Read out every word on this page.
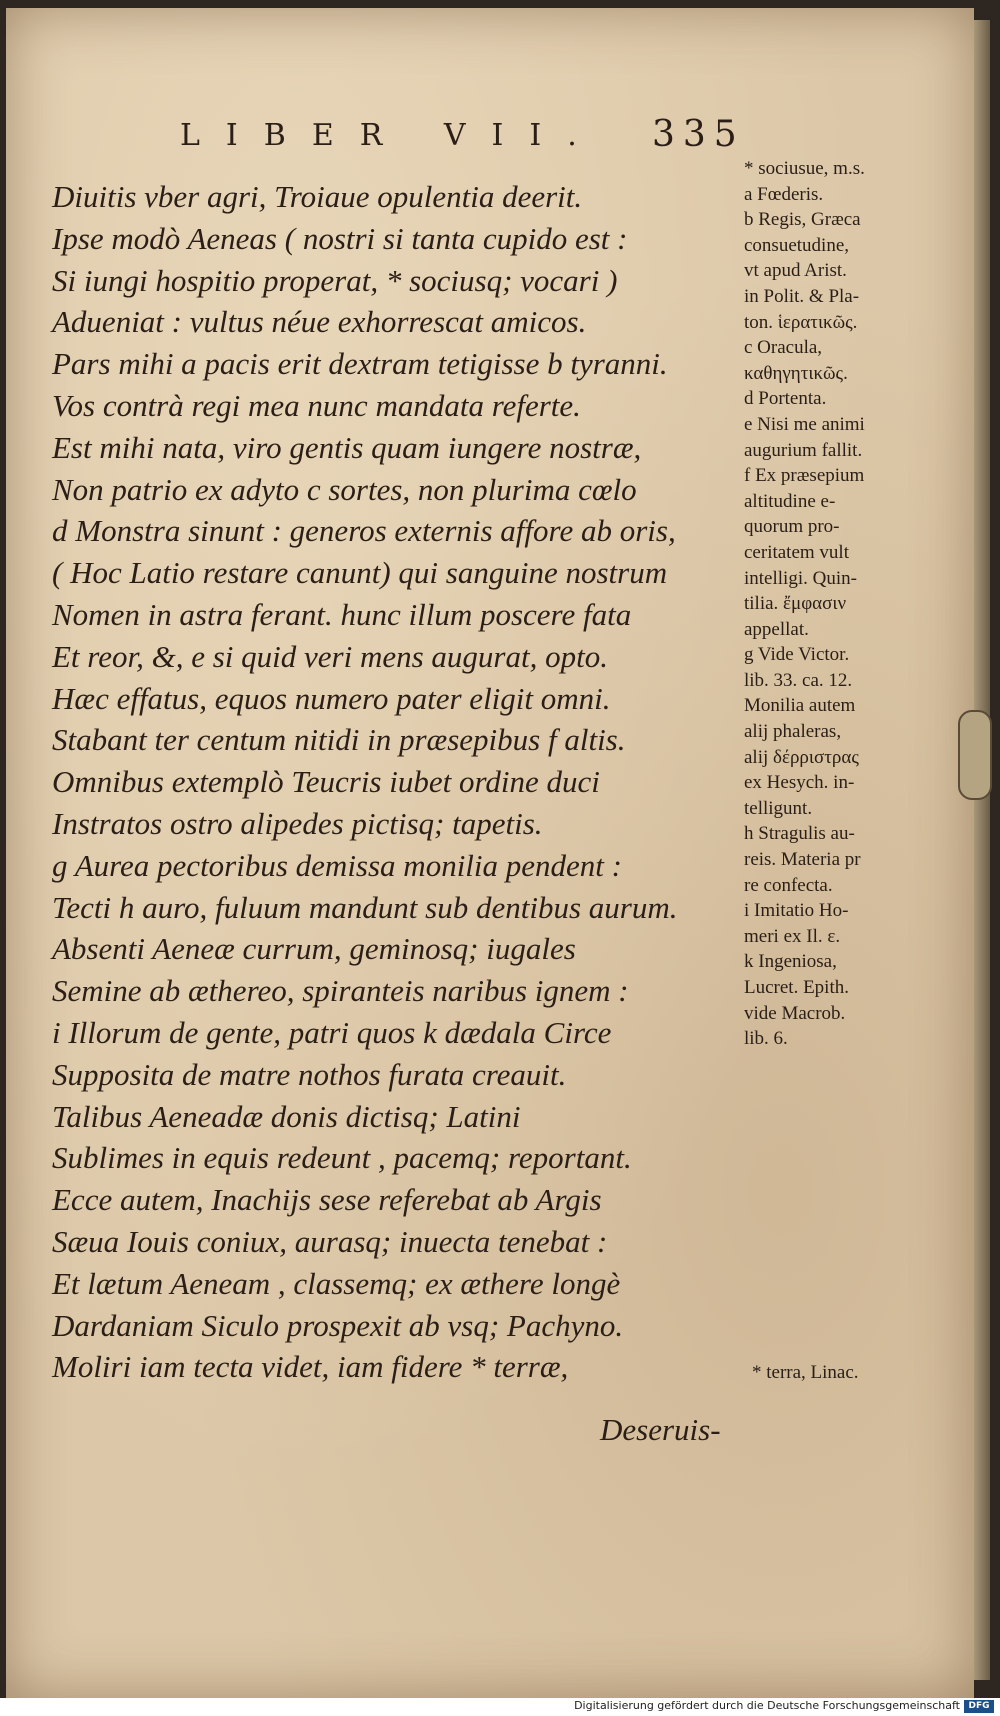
LIBER VII. 335
Diuitis vber agri, Troiaue opulentia deerit.
Ipse modò Aeneas ( nostri si tanta cupido est :
Si iungi hospitio properat, * sociusq; vocari )
Adueniat : vultus néue exhorrescat amicos.
Pars mihi a pacis erit dextram tetigisse b tyranni.
Vos contrà regi mea nunc mandata referte.
Est mihi nata, viro gentis quam iungere nostræ,
Non patrio ex adyto c sortes, non plurima cœlo
d Monstra sinunt : generos externis affore ab oris,
( Hoc Latio restare canunt) qui sanguine nostrum
Nomen in astra ferant. hunc illum poscere fata
Et reor, &, e si quid veri mens augurat, opto.
Hæc effatus, equos numero pater eligit omni.
Stabant ter centum nitidi in præsepibus f altis.
Omnibus extemplò Teucris iubet ordine duci
Instratos ostro alipedes pictisq; tapetis.
g Aurea pectoribus demissa monilia pendent :
Tecti h auro, fuluum mandunt sub dentibus aurum.
Absenti Aeneæ currum, geminosq; iugales
Semine ab æthereo, spiranteis naribus ignem :
i Illorum de gente, patri quos k dædala Circe
Supposita de matre nothos furata creauit.
Talibus Aeneadæ donis dictisq; Latini
Sublimes in equis redeunt , pacemq; reportant.
Ecce autem, Inachijs sese referebat ab Argis
Sæua Iouis coniux, aurasq; inuecta tenebat :
Et lætum Aeneam , classemq; ex æthere longè
Dardaniam Siculo prospexit ab vsq; Pachyno.
Moliri iam tecta videt, iam fidere * terræ,
* sociusue, m.s.
a Fœderis.
b Regis, Græca
consuetudine,
vt apud Arist.
in Polit. & Pla-
ton. ἱερατικῶς.
c Oracula,
καθηγητικῶς.
d Portenta.
e Nisi me animi
augurium fallit.
f Ex præsepium
altitudine e-
quorum pro-
ceritatem vult
intelligi. Quin-
tilia. ἔμφασιν
appellat.
g Vide Victor.
lib. 33. ca. 12.
Monilia autem
alij phaleras,
alij δέρριστρας
ex Hesych. in-
telligunt.
h Stragulis au-
reis. Materia pr
re confecta.
i Imitatio Ho-
meri ex Il. ε.
k Ingeniosa,
Lucret. Epith.
vide Macrob.
lib. 6.
* terra, Linac.
Deseruis-
Digitalisierung gefördert durch die Deutsche Forschungsgemeinschaft DFG
